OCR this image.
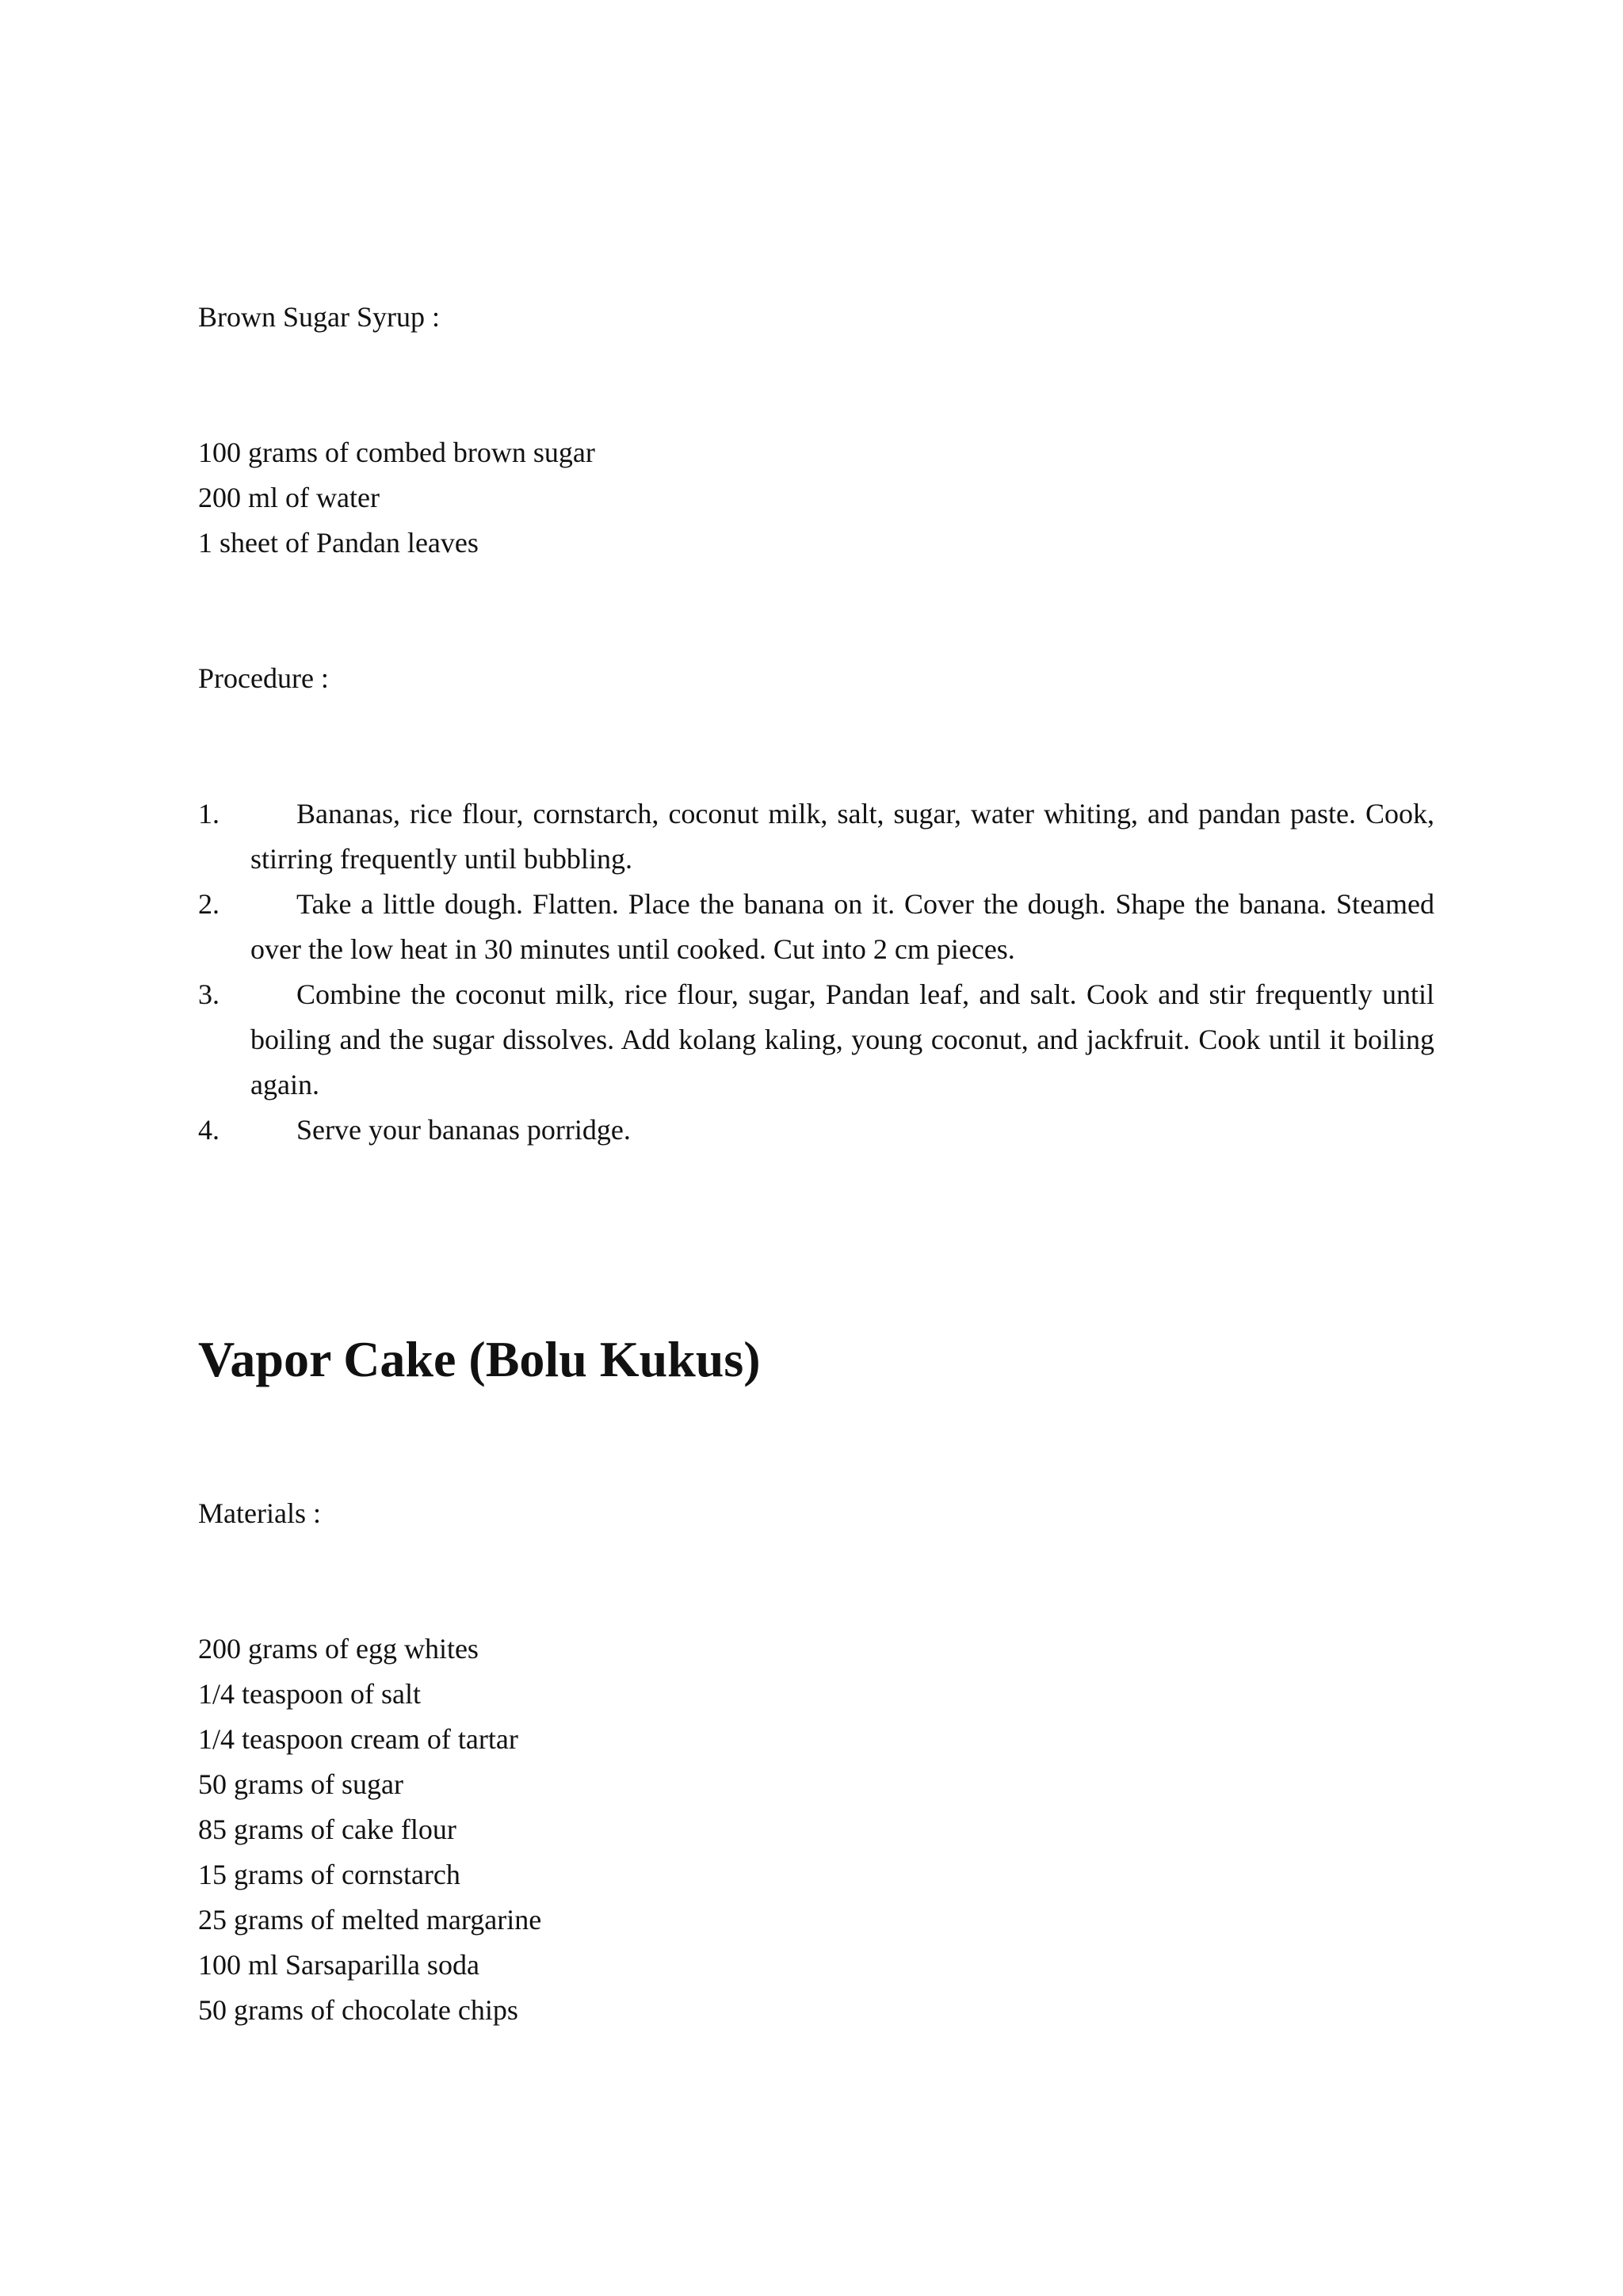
Brown Sugar Syrup :
100 grams of combed brown sugar
200 ml of water
1 sheet of Pandan leaves
Procedure :
1.	Bananas, rice flour, cornstarch, coconut milk, salt, sugar, water whiting, and pandan paste. Cook, stirring frequently until bubbling.
2.	Take a little dough. Flatten. Place the banana on it. Cover the dough. Shape the banana. Steamed over the low heat in 30 minutes until cooked. Cut into 2 cm pieces.
3.	Combine the coconut milk, rice flour, sugar, Pandan leaf, and salt. Cook and stir frequently until boiling and the sugar dissolves. Add kolang kaling, young coconut, and jackfruit. Cook until it boiling again.
4.	Serve your bananas porridge.
Vapor Cake (Bolu Kukus)
Materials :
200 grams of egg whites
1/4 teaspoon of salt
1/4 teaspoon cream of tartar
50 grams of sugar
85 grams of cake flour
15 grams of cornstarch
25 grams of melted margarine
100 ml Sarsaparilla soda
50 grams of chocolate chips
